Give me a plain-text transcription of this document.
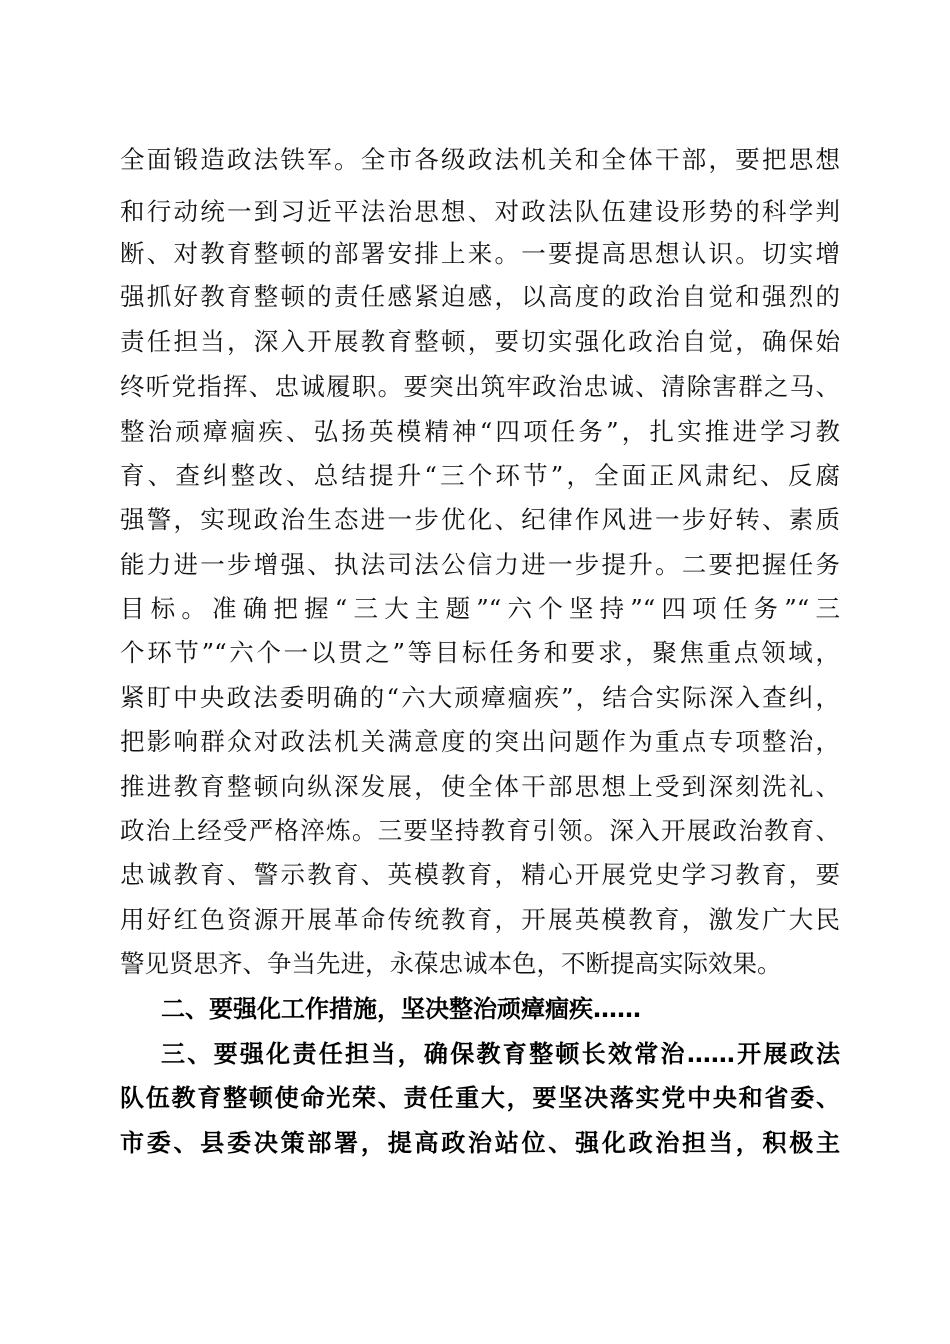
全面锻造政法铁军。全市各级政法机关和全体干部，要把思想
和行动统一到习近平法治思想、对政法队伍建设形势的科学判
断、对教育整顿的部署安排上来。一要提高思想认识。切实增
强抓好教育整顿的责任感紧迫感，以高度的政治自觉和强烈的
责任担当，深入开展教育整顿，要切实强化政治自觉，确保始
终听党指挥、忠诚履职。要突出筑牢政治忠诚、清除害群之马、
整治顽瘴痼疾、弘扬英模精神“四项任务”，扎实推进学习教
育、查纠整改、总结提升“三个环节”，全面正风肃纪、反腐
强警，实现政治生态进一步优化、纪律作风进一步好转、素质
能力进一步增强、执法司法公信力进一步提升。二要把握任务
目标。准确把握“三大主题”“六个坚持”“四项任务”“三
个环节”“六个一以贯之”等目标任务和要求，聚焦重点领域，
紧盯中央政法委明确的“六大顽瘴痼疾”，结合实际深入查纠，
把影响群众对政法机关满意度的突出问题作为重点专项整治，
推进教育整顿向纵深发展，使全体干部思想上受到深刻洗礼、
政治上经受严格淬炼。三要坚持教育引领。深入开展政治教育、
忠诚教育、警示教育、英模教育，精心开展党史学习教育，要
用好红色资源开展革命传统教育，开展英模教育，激发广大民
警见贤思齐、争当先进，永葆忠诚本色，不断提高实际效果。
二、要强化工作措施，坚决整治顽瘴痼疾……
三、要强化责任担当，确保教育整顿长效常治……开展政法
队伍教育整顿使命光荣、责任重大，要坚决落实党中央和省委、
市委、县委决策部署，提高政治站位、强化政治担当，积极主
